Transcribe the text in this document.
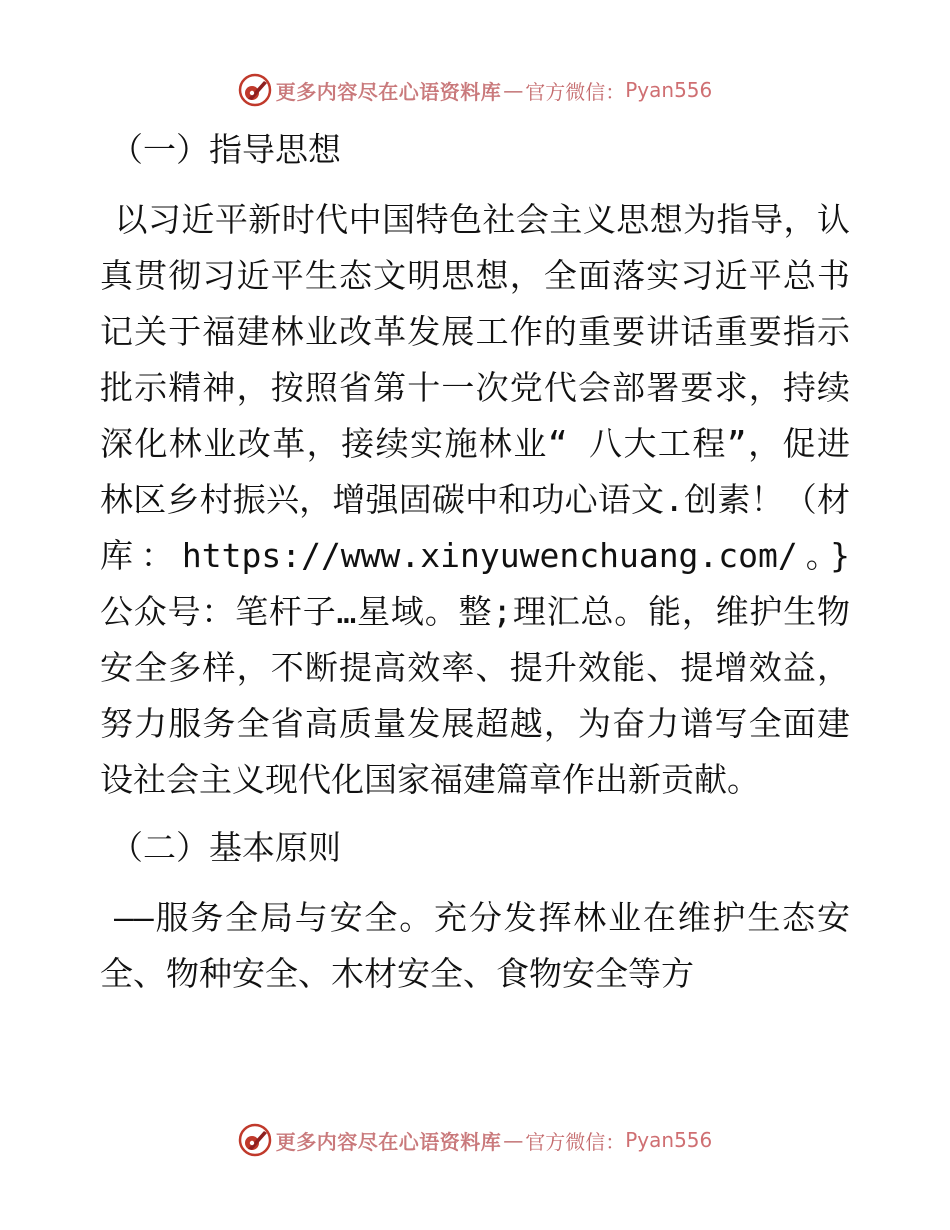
更多内容尽在心语资料库 — 官方微信： Pyan556
（一）指导思想

以习近平新时代中国特色社会主义思想为指导，认真贯彻习近平生态文明思想，全面落实习近平总书记关于福建林业改革发展工作的重要讲话重要指示批示精神，按照省第十一次党代会部署要求，持续深化林业改革，接续实施林业“ 八大工程”，促进林区乡村振兴，增强固碳中和功心语文.创素！（材库：https://www.xinyuwenchuang.com/。}公众号：笔杆子…星域。整;理汇总。能，维护生物安全多样，不断提高效率、提升效能、提增效益，努力服务全省高质量发展超越，为奋力谱写全面建设社会主义现代化国家福建篇章作出新贡献。

（二）基本原则

——服务全局与安全。充分发挥林业在维护生态安全、物种安全、木材安全、食物安全等方

更多内容尽在心语资料库 — 官方微信： Pyan556
